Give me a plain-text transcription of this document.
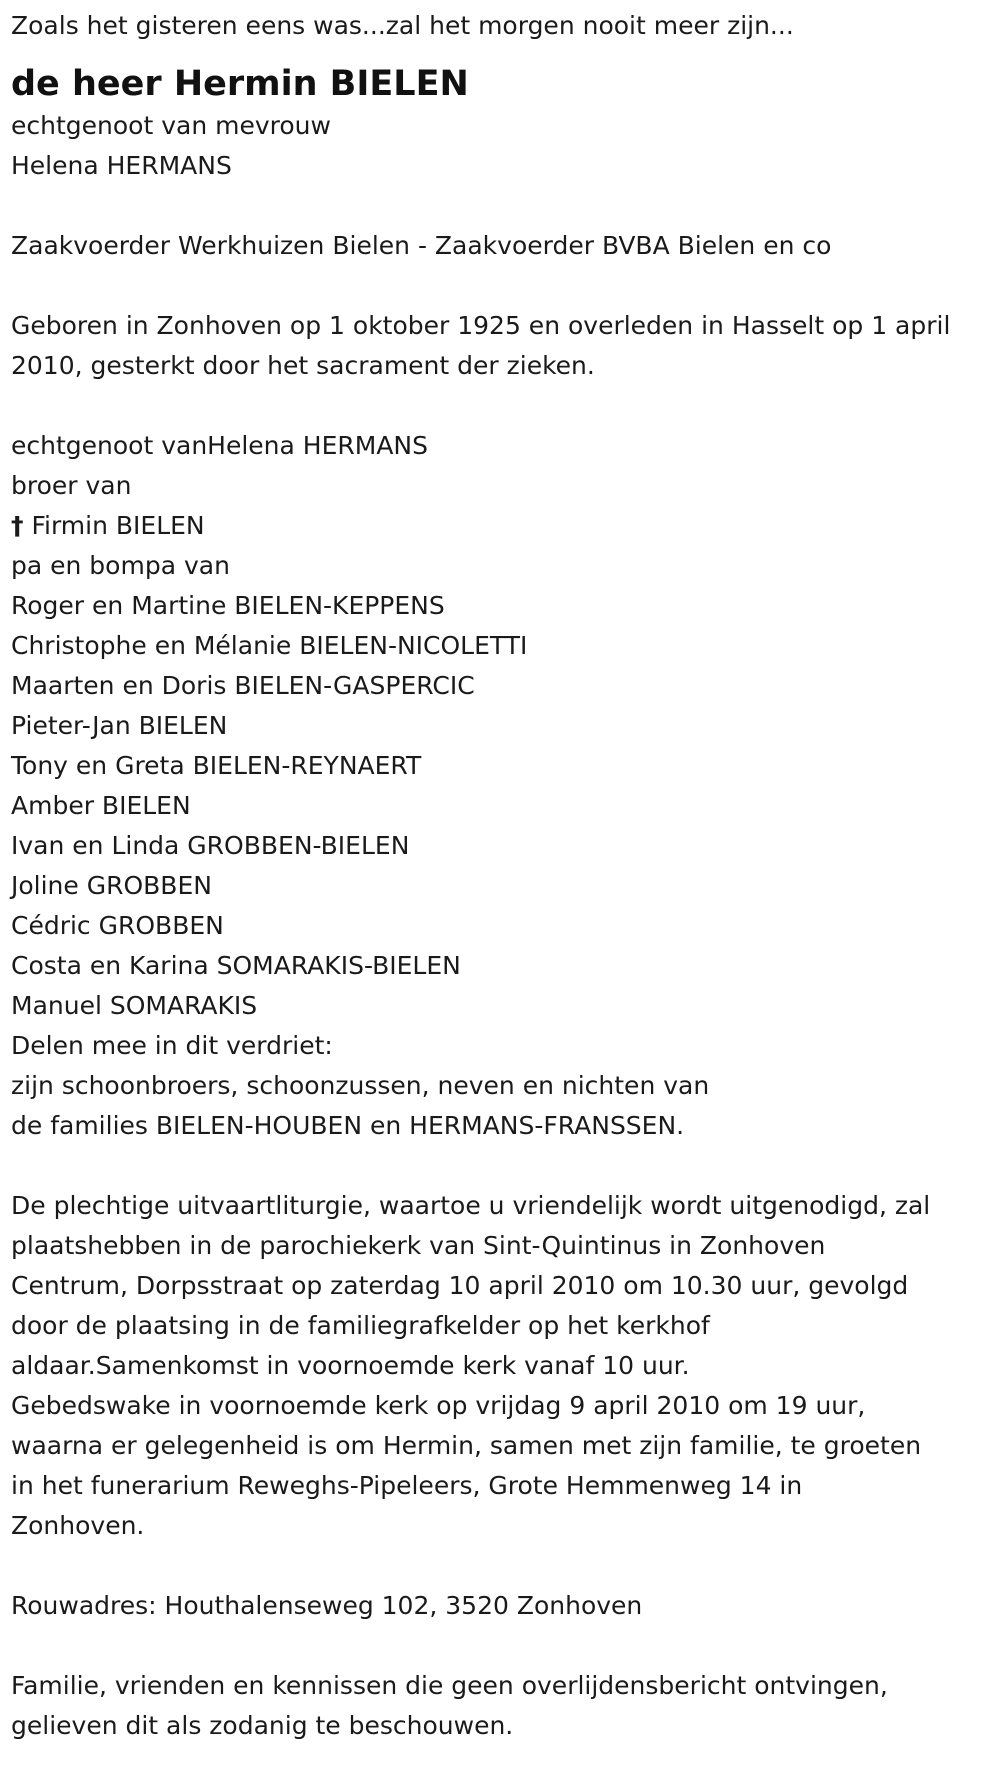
Zoals het gisteren eens was...zal het morgen nooit meer zijn...

de heer Hermin BIELEN

echtgenoot van mevrouw

Helena HERMANS

Zaakvoerder Werkhuizen Bielen - Zaakvoerder BVBA Bielen en co

Geboren in Zonhoven op 1 oktober 1925 en overleden in Hasselt op 1 april

2010, gesterkt door het sacrament der zieken.

echtgenoot vanHelena HERMANS

broer van

† Firmin BIELEN

pa en bompa van

Roger en Martine BIELEN-KEPPENS

Christophe en Mélanie BIELEN-NICOLETTI

Maarten en Doris BIELEN-GASPERCIC

Pieter-Jan BIELEN

Tony en Greta BIELEN-REYNAERT

Amber BIELEN

Ivan en Linda GROBBEN-BIELEN

Joline GROBBEN

Cédric GROBBEN

Costa en Karina SOMARAKIS-BIELEN

Manuel SOMARAKIS

Delen mee in dit verdriet:

zijn schoonbroers, schoonzussen, neven en nichten van

de families BIELEN-HOUBEN en HERMANS-FRANSSEN.

De plechtige uitvaartliturgie, waartoe u vriendelijk wordt uitgenodigd, zal

plaatshebben in de parochiekerk van Sint-Quintinus in Zonhoven

Centrum, Dorpsstraat op zaterdag 10 april 2010 om 10.30 uur, gevolgd

door de plaatsing in de familiegrafkelder op het kerkhof

aldaar.Samenkomst in voornoemde kerk vanaf 10 uur.

Gebedswake in voornoemde kerk op vrijdag 9 april 2010 om 19 uur,

waarna er gelegenheid is om Hermin, samen met zijn familie, te groeten

in het funerarium Reweghs-Pipeleers, Grote Hemmenweg 14 in

Zonhoven.

Rouwadres: Houthalenseweg 102, 3520 Zonhoven

Familie, vrienden en kennissen die geen overlijdensbericht ontvingen,

gelieven dit als zodanig te beschouwen.
